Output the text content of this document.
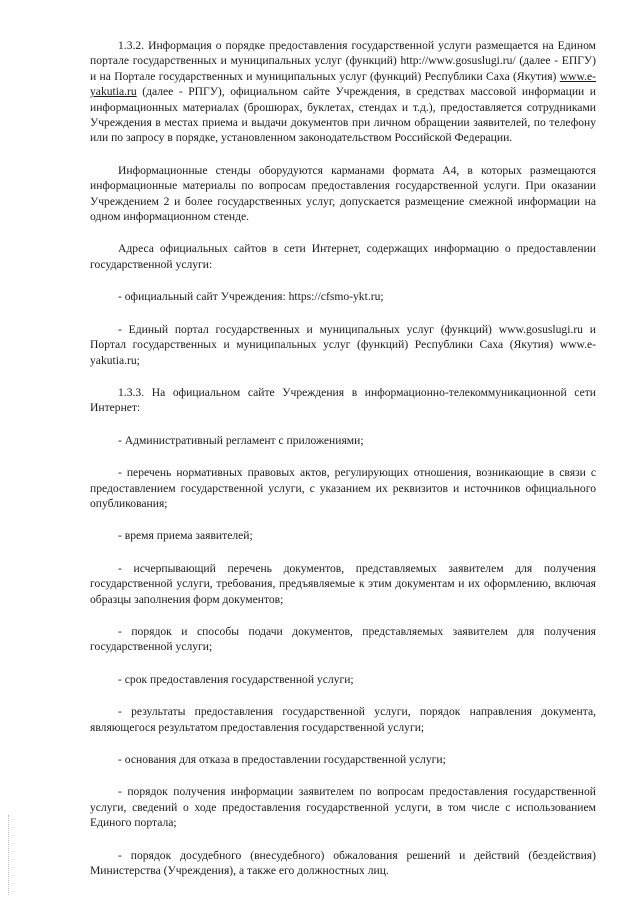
1.3.2. Информация о порядке предоставления государственной услуги размещается на Едином портале государственных и муниципальных услуг (функций) http://www.gosuslugi.ru/ (далее - ЕПГУ) и на Портале государственных и муниципальных услуг (функций) Республики Саха (Якутия) www.e-yakutia.ru (далее - РПГУ), официальном сайте Учреждения, в средствах массовой информации и информационных материалах (брошюрах, буклетах, стендах и т.д.), предоставляется сотрудниками Учреждения в местах приема и выдачи документов при личном обращении заявителей, по телефону или по запросу в порядке, установленном законодательством Российской Федерации.

Информационные стенды оборудуются карманами формата А4, в которых размещаются информационные материалы по вопросам предоставления государственной услуги. При оказании Учреждением 2 и более государственных услуг, допускается размещение смежной информации на одном информационном стенде.

Адреса официальных сайтов в сети Интернет, содержащих информацию о предоставлении государственной услуги:

- официальный сайт Учреждения: https://cfsmo-ykt.ru;

- Единый портал государственных и муниципальных услуг (функций) www.gosuslugi.ru и Портал государственных и муниципальных услуг (функций) Республики Саха (Якутия) www.e-yakutia.ru;

1.3.3. На официальном сайте Учреждения в информационно-телекоммуникационной сети Интернет:

- Административный регламент с приложениями;

- перечень нормативных правовых актов, регулирующих отношения, возникающие в связи с предоставлением государственной услуги, с указанием их реквизитов и источников официального опубликования;

- время приема заявителей;

- исчерпывающий перечень документов, представляемых заявителем для получения государственной услуги, требования, предъявляемые к этим документам и их оформлению, включая образцы заполнения форм документов;

- порядок и способы подачи документов, представляемых заявителем для получения государственной услуги;

- срок предоставления государственной услуги;

- результаты предоставления государственной услуги, порядок направления документа, являющегося результатом предоставления государственной услуги;

- основания для отказа в предоставлении государственной услуги;

- порядок получения информации заявителем по вопросам предоставления государственной услуги, сведений о ходе предоставления государственной услуги, в том числе с использованием Единого портала;

- порядок досудебного (внесудебного) обжалования решений и действий (бездействия) Министерства (Учреждения), а также его должностных лиц.
